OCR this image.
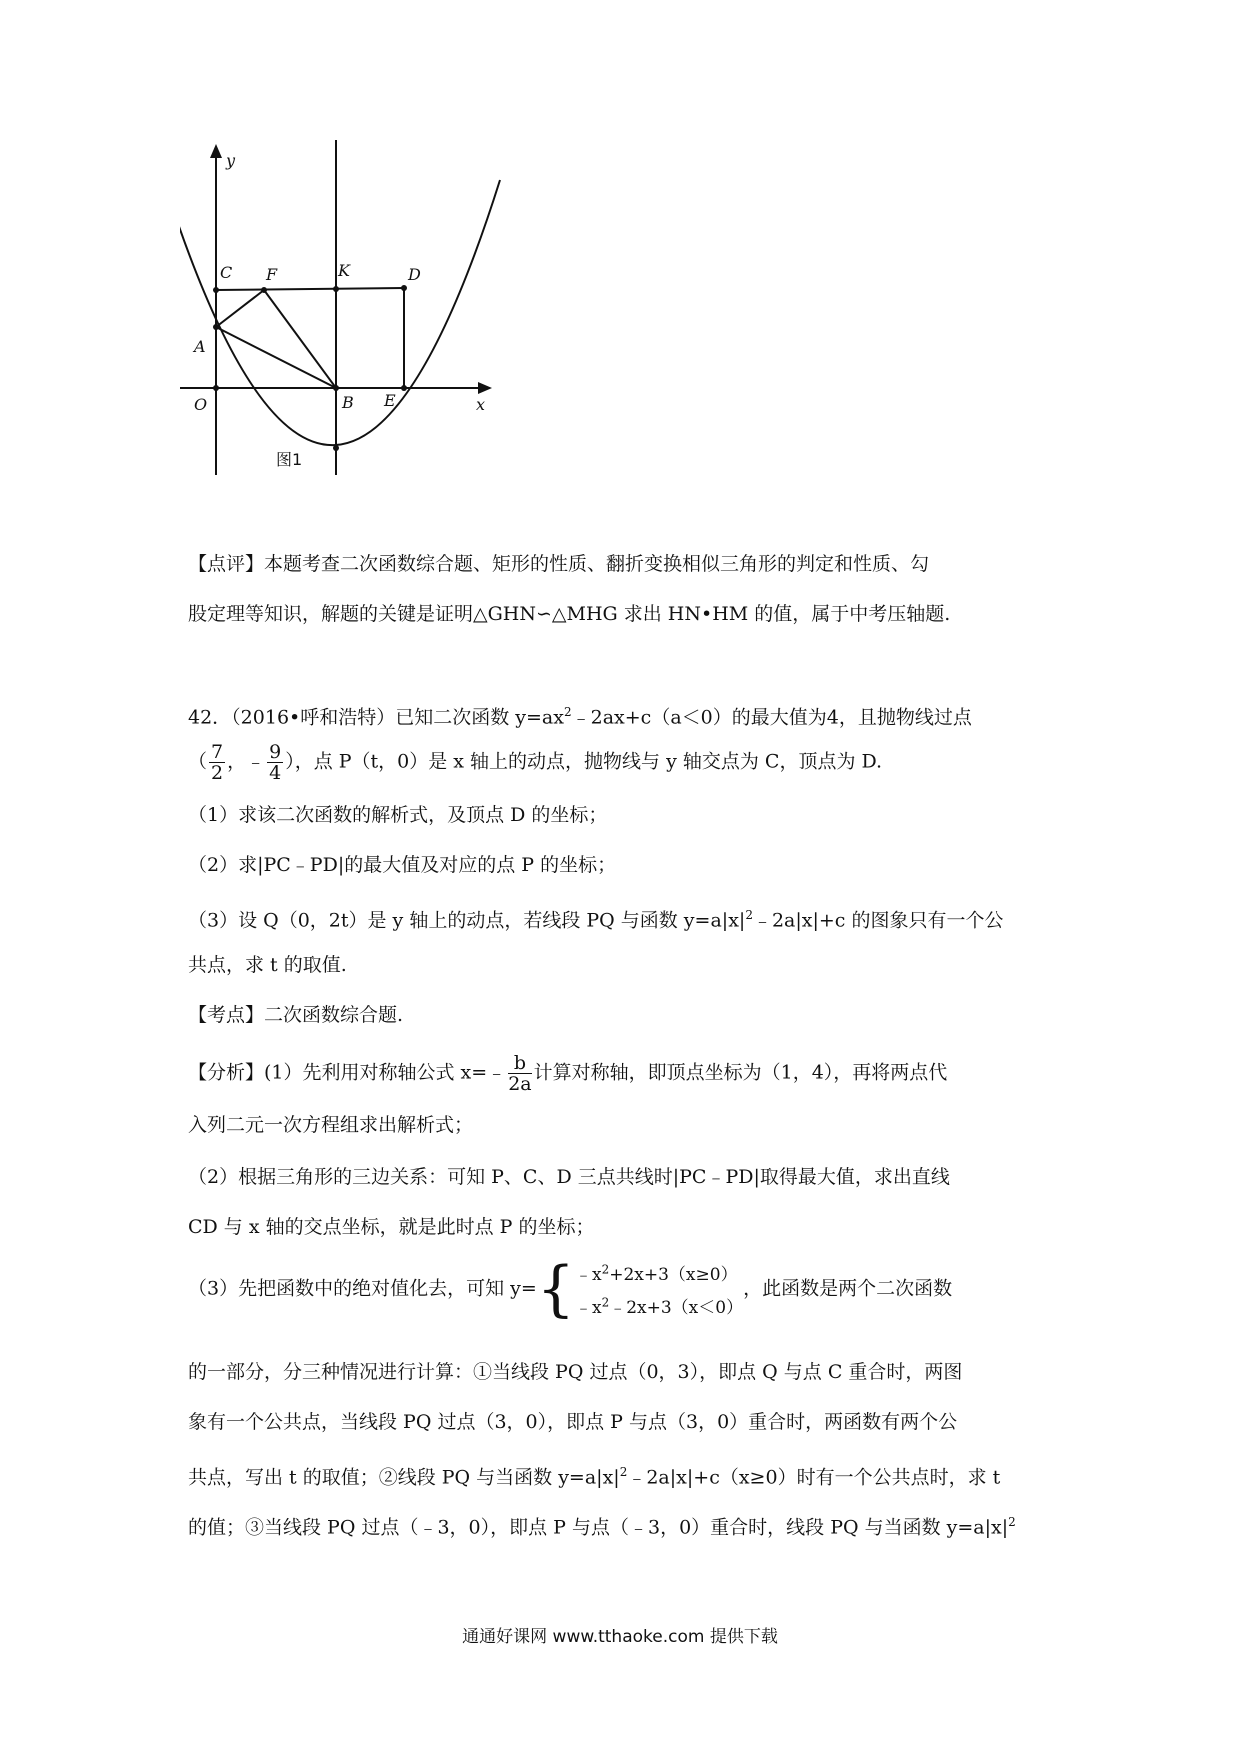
y
x
C F	K	D
A
O	B E
图1
【点评】本题考查二次函数综合题、矩形的性质、翻折变换相似三角形的判定和性质、勾
股定理等知识，解题的关键是证明△GHN∽△MHG 求出 HN•HM 的值，属于中考压轴题.
42．（2016•呼和浩特）已知二次函数 $y=ax^2﹣2ax+c(a<0)$的最大值为4，且抛物线过点
（ $\frac{7}{2}$ ，﹣ $\frac{9}{4}$ ），点 P（t，0）是 x 轴上的动点，抛物线与 y 轴交点为 C，顶点为 D.
（1）求该二次函数的解析式，及顶点 D 的坐标；
（2）求|PC﹣PD|的最大值及对应的点 P 的坐标；
（3）设 Q（0，2t）是 y 轴上的动点，若线段 PQ 与函数 $y=a|x|^2﹣2a|x|+c$ 的图象只有一个公
共点，求 t 的取值.
【考点】二次函数综合题.
【分析】(1）先利用对称轴公式 x=﹣ $\frac{b}{2a}$ 计算对称轴，即顶点坐标为（1，4），再将两点代
入列二元一次方程组求出解析式；
（2）根据三角形的三边关系：可知 P、C、D 三点共线时|PC﹣PD|取得最大值，求出直线
CD 与 x 轴的交点坐标，就是此时点 P 的坐标；
（3）先把函数中的绝对值化去，可知 $y=\{﹣x^2+2x+3(x\ge 0)$
$﹣x^2﹣2x+3(x<0)$，此函数是两个二次函数
的一部分，分三种情况进行计算：①当线段 PQ 过点（0，3），即点 Q 与点 C 重合时，两图
象有一个公共点，当线段 PQ 过点（3，0），即点 P 与点（3，0）重合时，两函数有两个公
共点，写出 t 的取值；②线段 PQ 与当函数 $y=a|x|^2﹣2a|x|+c(x\ge 0)$时有一个公共点时，求 t
的值；③当线段 PQ 过点（﹣3，0），即点 P 与点（﹣3，0）重合时，线段 PQ 与当函数 $y=a|x|^2$
通通好课网 www.tthaoke.com 提供下载
